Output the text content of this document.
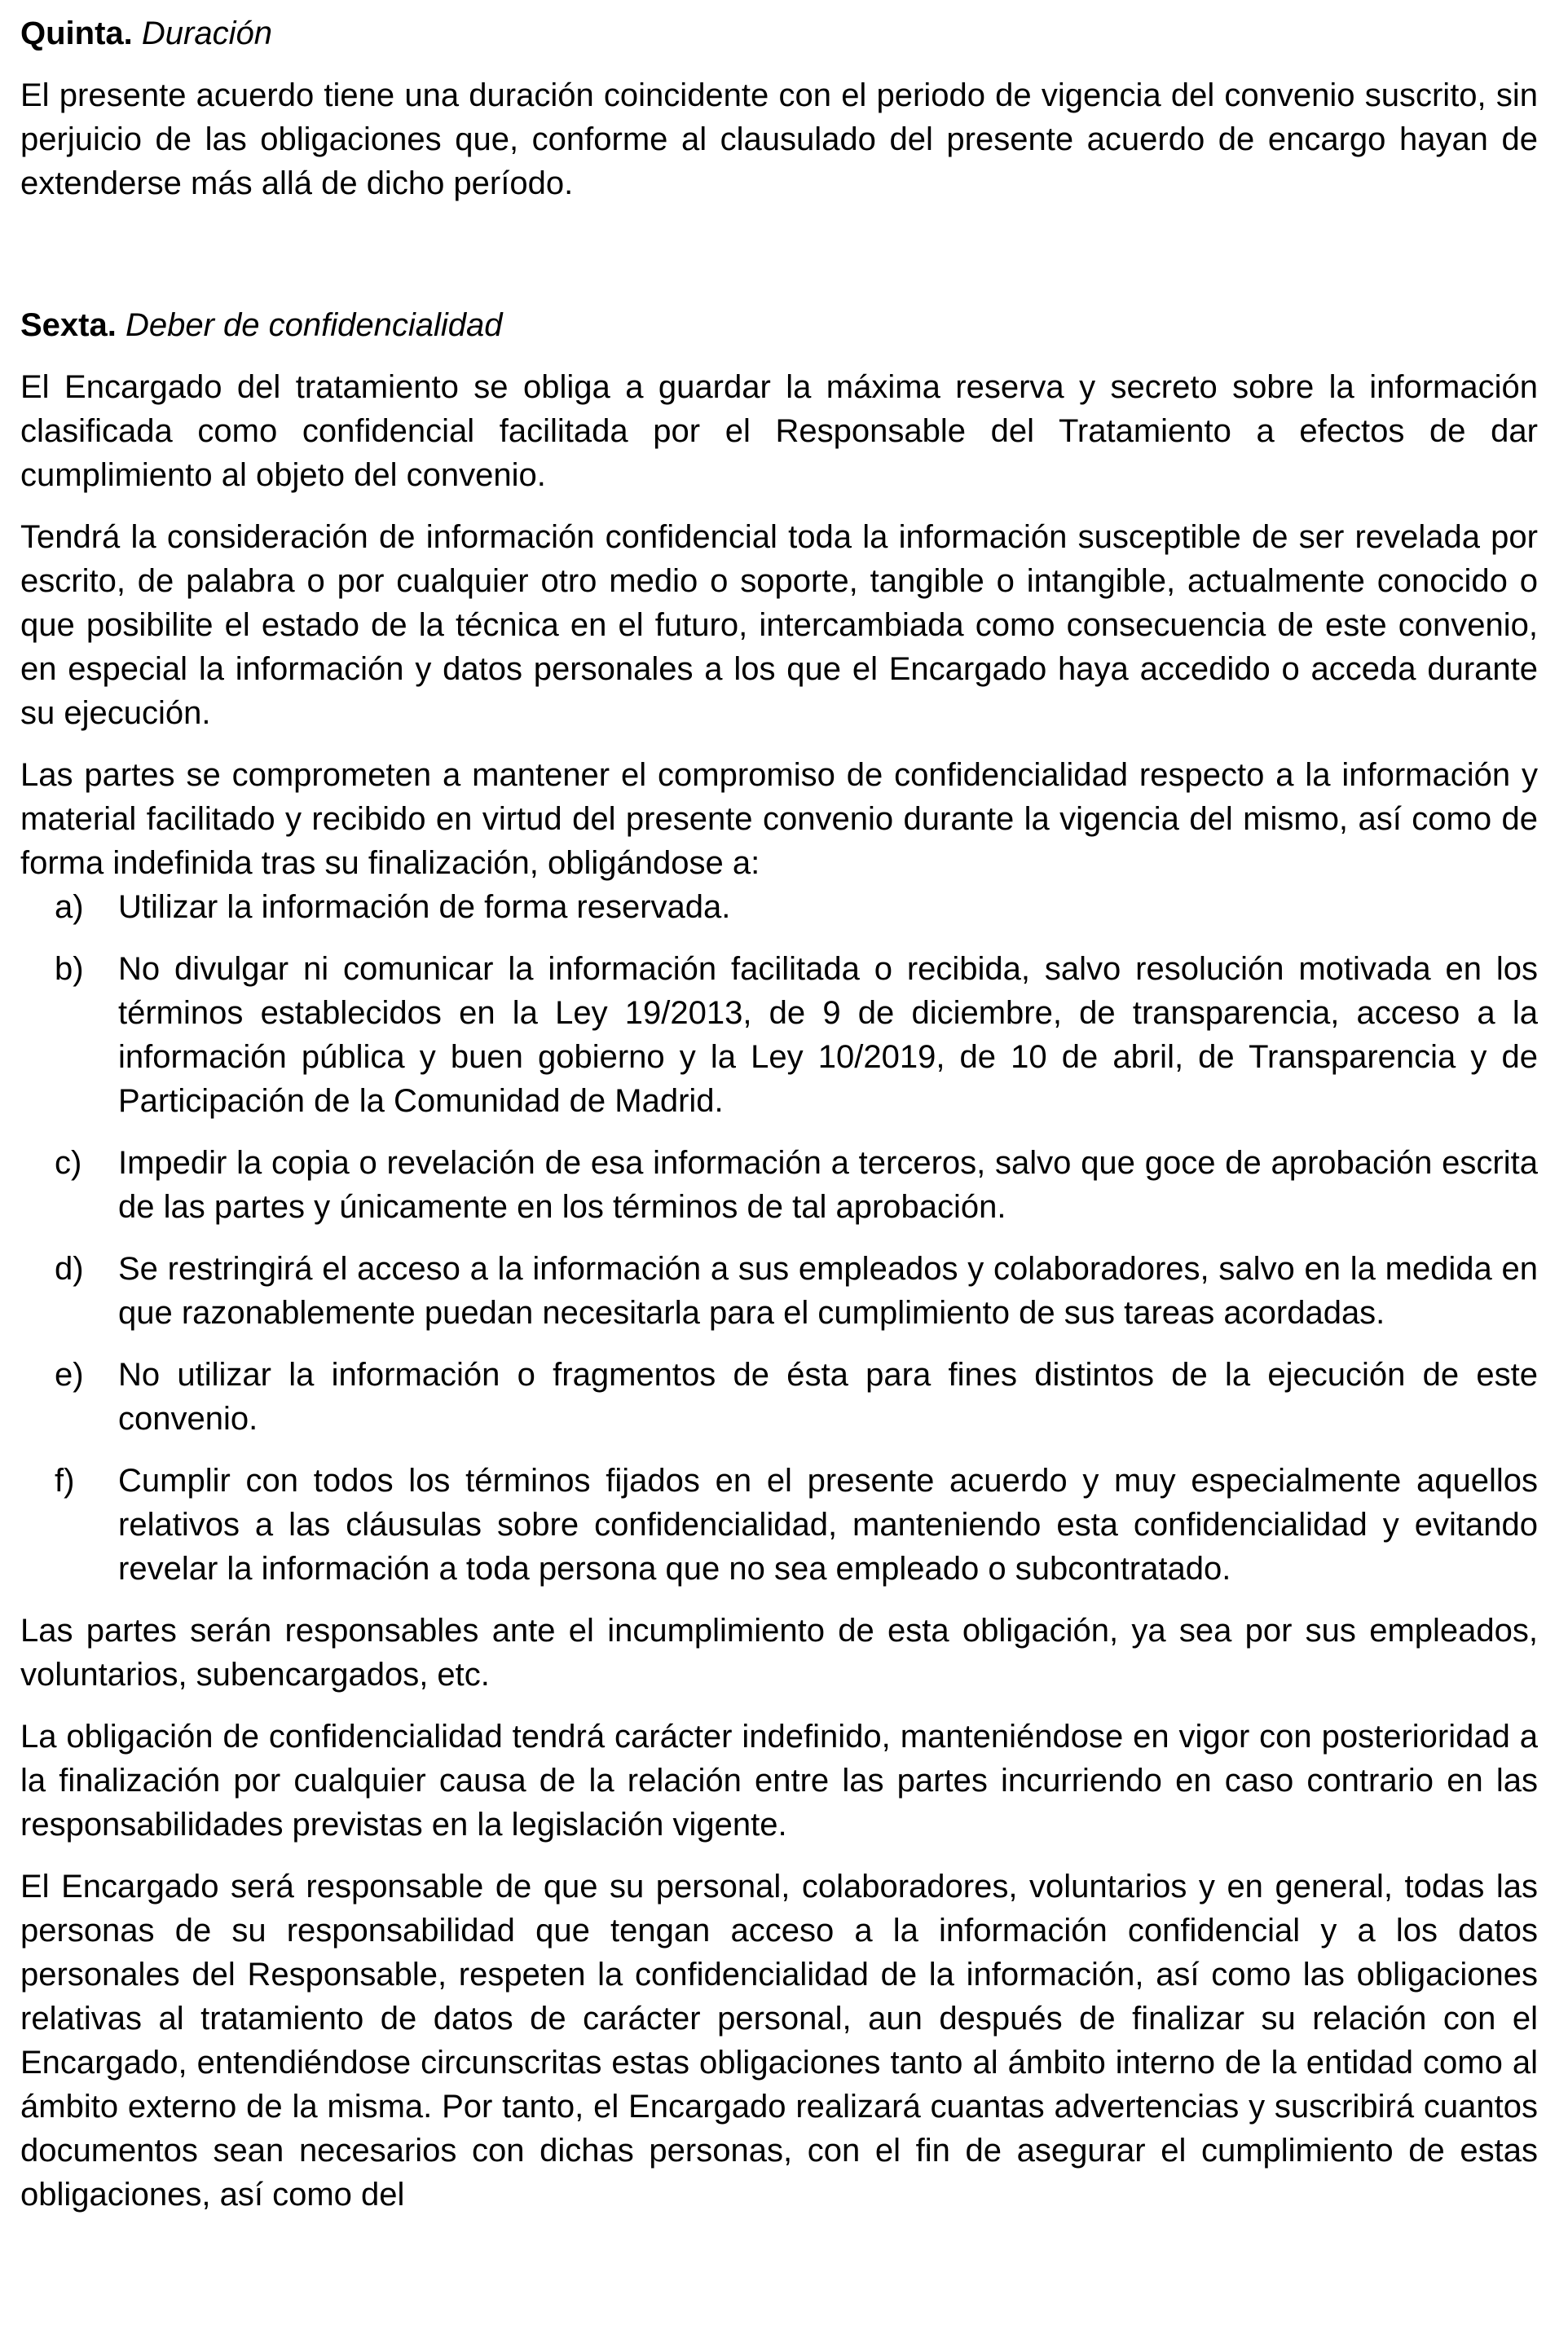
Quinta. Duración

El presente acuerdo tiene una duración coincidente con el periodo de vigencia del convenio suscrito, sin perjuicio de las obligaciones que, conforme al clausulado del presente acuerdo de encargo hayan de extenderse más allá de dicho período.

Sexta. Deber de confidencialidad

El Encargado del tratamiento se obliga a guardar la máxima reserva y secreto sobre la información clasificada como confidencial facilitada por el Responsable del Tratamiento a efectos de dar cumplimiento al objeto del convenio.

Tendrá la consideración de información confidencial toda la información susceptible de ser revelada por escrito, de palabra o por cualquier otro medio o soporte, tangible o intangible, actualmente conocido o que posibilite el estado de la técnica en el futuro, intercambiada como consecuencia de este convenio, en especial la información y datos personales a los que el Encargado haya accedido o acceda durante su ejecución.

Las partes se comprometen a mantener el compromiso de confidencialidad respecto a la información y material facilitado y recibido en virtud del presente convenio durante la vigencia del mismo, así como de forma indefinida tras su finalización, obligándose a:

a)	Utilizar la información de forma reservada.
b)	No divulgar ni comunicar la información facilitada o recibida, salvo resolución motivada en los términos establecidos en la Ley 19/2013, de 9 de diciembre, de transparencia, acceso a la información pública y buen gobierno y la Ley 10/2019, de 10 de abril, de Transparencia y de Participación de la Comunidad de Madrid.
c)	Impedir la copia o revelación de esa información a terceros, salvo que goce de aprobación escrita de las partes y únicamente en los términos de tal aprobación.
d)	Se restringirá el acceso a la información a sus empleados y colaboradores, salvo en la medida en que razonablemente puedan necesitarla para el cumplimiento de sus tareas acordadas.
e)	No utilizar la información o fragmentos de ésta para fines distintos de la ejecución de este convenio.
f)	Cumplir con todos los términos fijados en el presente acuerdo y muy especialmente aquellos relativos a las cláusulas sobre confidencialidad, manteniendo esta confidencialidad y evitando revelar la información a toda persona que no sea empleado o subcontratado.

Las partes serán responsables ante el incumplimiento de esta obligación, ya sea por sus empleados, voluntarios, subencargados, etc.

La obligación de confidencialidad tendrá carácter indefinido, manteniéndose en vigor con posterioridad a la finalización por cualquier causa de la relación entre las partes incurriendo en caso contrario en las responsabilidades previstas en la legislación vigente.

El Encargado será responsable de que su personal, colaboradores, voluntarios y en general, todas las personas de su responsabilidad que tengan acceso a la información confidencial y a los datos personales del Responsable, respeten la confidencialidad de la información, así como las obligaciones relativas al tratamiento de datos de carácter personal, aun después de finalizar su relación con el Encargado, entendiéndose circunscritas estas obligaciones tanto al ámbito interno de la entidad como al ámbito externo de la misma. Por tanto, el Encargado realizará cuantas advertencias y suscribirá cuantos documentos sean necesarios con dichas personas, con el fin de asegurar el cumplimiento de estas obligaciones, así como del
